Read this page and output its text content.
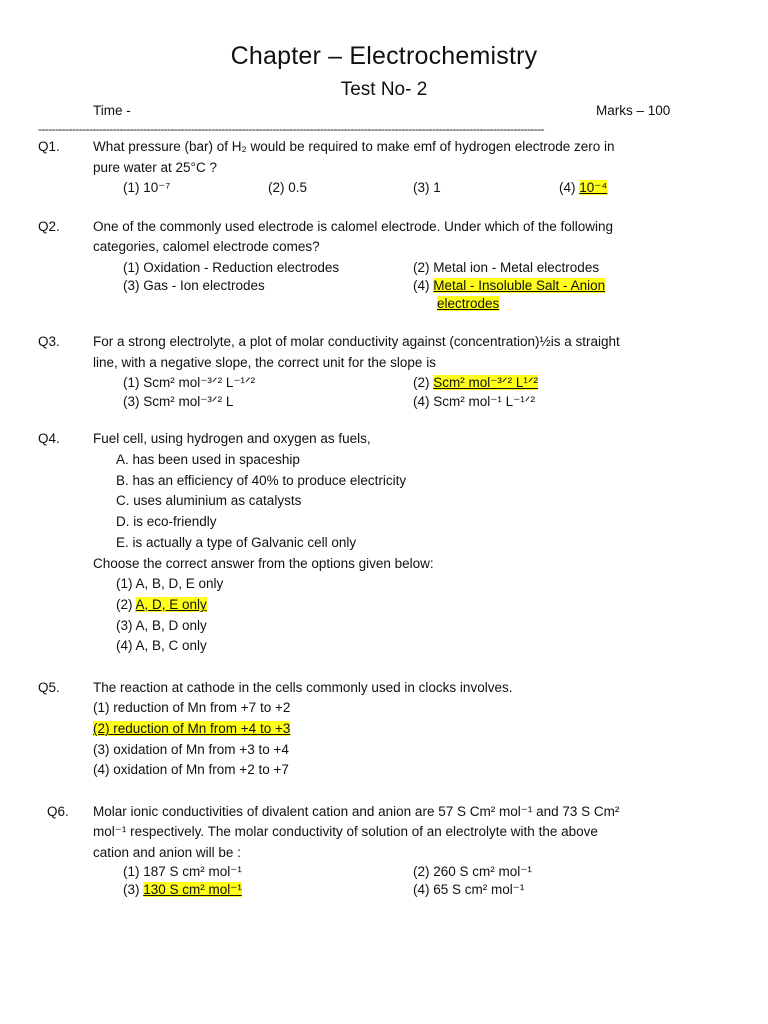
Chapter – Electrochemistry
Test No- 2
Time -	Marks – 100
-----------------------------------------------------------------------------------------------------------------------------------------------------
Q1. What pressure (bar) of H₂ would be required to make emf of hydrogen electrode zero in
pure water at 25°C ?
(1) 10⁻⁷	(2) 0.5	(3) 1	(4) 10⁻⁴
Q2. One of the commonly used electrode is calomel electrode. Under which of the following
categories, calomel electrode comes?
(1) Oxidation - Reduction electrodes	(2) Metal ion - Metal electrodes
(3) Gas - Ion electrodes	(4) Metal - Insoluble Salt - Anion
electrodes
Q3. For a strong electrolyte, a plot of molar conductivity against (concentration)½is a straight
line, with a negative slope, the correct unit for the slope is
(1) Scm² mol⁻³ᐟ² L⁻¹ᐟ²	(2) Scm² mol⁻³ᐟ² L¹ᐟ²
(3) Scm² mol⁻³ᐟ² L	(4) Scm² mol⁻¹ L⁻¹ᐟ²
Q4. Fuel cell, using hydrogen and oxygen as fuels,
A. has been used in spaceship
B. has an efficiency of 40% to produce electricity
C. uses aluminium as catalysts
D. is eco-friendly
E. is actually a type of Galvanic cell only
Choose the correct answer from the options given below:
(1) A, B, D, E only
(2) A, D, E only
(3) A, B, D only
(4) A, B, C only
Q5. The reaction at cathode in the cells commonly used in clocks involves.
(1) reduction of Mn from +7 to +2
(2) reduction of Mn from +4 to +3
(3) oxidation of Mn from +3 to +4
(4) oxidation of Mn from +2 to +7
Q6. Molar ionic conductivities of divalent cation and anion are 57 S Cm² mol⁻¹ and 73 S Cm²
mol⁻¹ respectively. The molar conductivity of solution of an electrolyte with the above
cation and anion will be :
(1) 187 S cm² mol⁻¹	(2) 260 S cm² mol⁻¹
(3) 130 S cm² mol⁻¹	(4) 65 S cm² mol⁻¹
